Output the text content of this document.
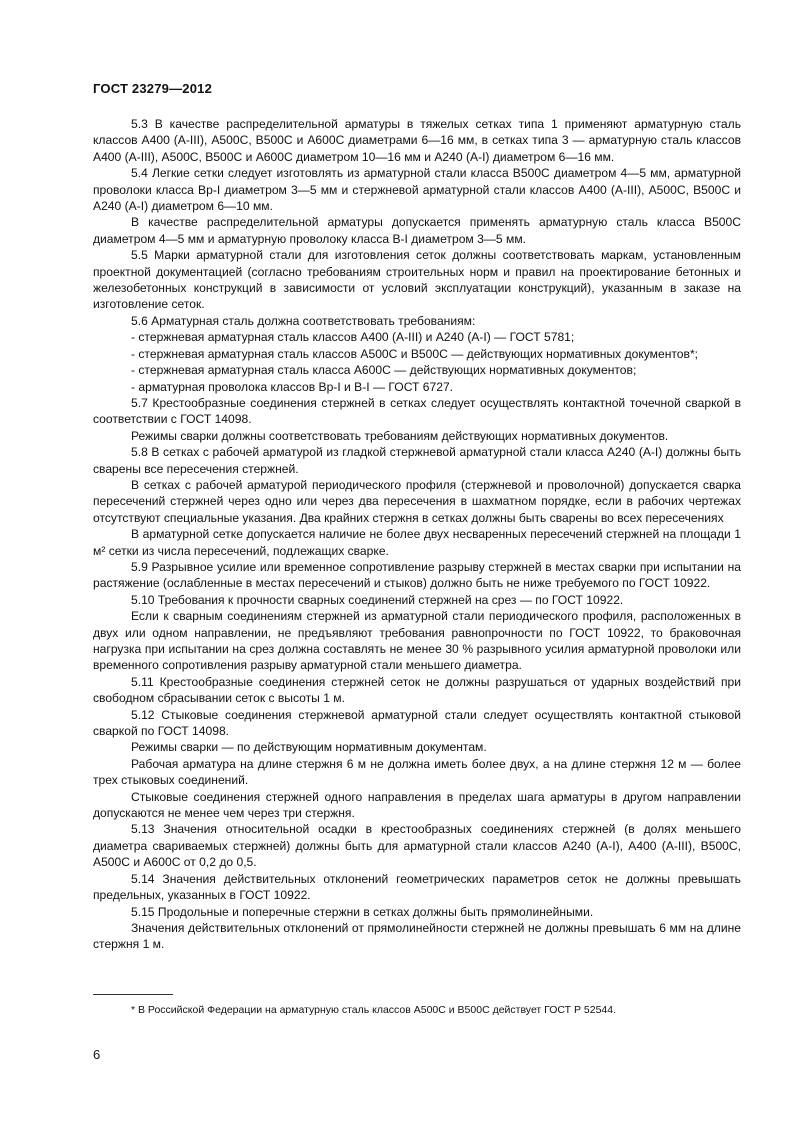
ГОСТ 23279—2012

5.3 В качестве распределительной арматуры в тяжелых сетках типа 1 применяют арматурную сталь классов А400 (А-III), А500С, В500С и А600С диаметрами 6—16 мм, в сетках типа 3 — арматурную сталь классов А400 (А-III), А500С, В500С и А600С диаметром 10—16 мм и А240 (А-I) диаметром 6—16 мм.

5.4 Легкие сетки следует изготовлять из арматурной стали класса В500С диаметром 4—5 мм, арматурной проволоки класса Вр-I диаметром 3—5 мм и стержневой арматурной стали классов А400 (А-III), А500С, В500С и А240 (А-I) диаметром 6—10 мм.

В качестве распределительной арматуры допускается применять арматурную сталь класса В500С диаметром 4—5 мм и арматурную проволоку класса В-I диаметром 3—5 мм.

5.5 Марки арматурной стали для изготовления сеток должны соответствовать маркам, установленным проектной документацией (согласно требованиям строительных норм и правил на проектирование бетонных и железобетонных конструкций в зависимости от условий эксплуатации конструкций), указанным в заказе на изготовление сеток.

5.6 Арматурная сталь должна соответствовать требованиям:

- стержневая арматурная сталь классов А400 (А-III) и А240 (А-I) — ГОСТ 5781;

- стержневая арматурная сталь классов А500С и В500С — действующих нормативных документов*;

- стержневая арматурная сталь класса А600С — действующих нормативных документов;

- арматурная проволока классов Вр-I и В-I — ГОСТ 6727.

5.7 Крестообразные соединения стержней в сетках следует осуществлять контактной точечной сваркой в соответствии с ГОСТ 14098.

Режимы сварки должны соответствовать требованиям действующих нормативных документов.

5.8 В сетках с рабочей арматурой из гладкой стержневой арматурной стали класса А240 (А-I) должны быть сварены все пересечения стержней.

В сетках с рабочей арматурой периодического профиля (стержневой и проволочной) допускается сварка пересечений стержней через одно или через два пересечения в шахматном порядке, если в рабочих чертежах отсутствуют специальные указания. Два крайних стержня в сетках должны быть сварены во всех пересечениях

В арматурной сетке допускается наличие не более двух несваренных пересечений стержней на площади 1 м² сетки из числа пересечений, подлежащих сварке.

5.9 Разрывное усилие или временное сопротивление разрыву стержней в местах сварки при испытании на растяжение (ослабленные в местах пересечений и стыков) должно быть не ниже требуемого по ГОСТ 10922.

5.10 Требования к прочности сварных соединений стержней на срез — по ГОСТ 10922.

Если к сварным соединениям стержней из арматурной стали периодического профиля, расположенных в двух или одном направлении, не предъявляют требования равнопрочности по ГОСТ 10922, то браковочная нагрузка при испытании на срез должна составлять не менее 30 % разрывного усилия арматурной проволоки или временного сопротивления разрыву арматурной стали меньшего диаметра.

5.11 Крестообразные соединения стержней сеток не должны разрушаться от ударных воздействий при свободном сбрасывании сеток с высоты 1 м.

5.12 Стыковые соединения стержневой арматурной стали следует осуществлять контактной стыковой сваркой по ГОСТ 14098.

Режимы сварки — по действующим нормативным документам.

Рабочая арматура на длине стержня 6 м не должна иметь более двух, а на длине стержня 12 м — более трех стыковых соединений.

Стыковые соединения стержней одного направления в пределах шага арматуры в другом направлении допускаются не менее чем через три стержня.

5.13 Значения относительной осадки в крестообразных соединениях стержней (в долях меньшего диаметра свариваемых стержней) должны быть для арматурной стали классов А240 (А-I), А400 (А-III), В500С, А500С и А600С от 0,2 до 0,5.

5.14 Значения действительных отклонений геометрических параметров сеток не должны превышать предельных, указанных в ГОСТ 10922.

5.15 Продольные и поперечные стержни в сетках должны быть прямолинейными.

Значения действительных отклонений от прямолинейности стержней не должны превышать 6 мм на длине стержня 1 м.

* В Российской Федерации на арматурную сталь классов А500С и В500С действует ГОСТ Р 52544.
6
